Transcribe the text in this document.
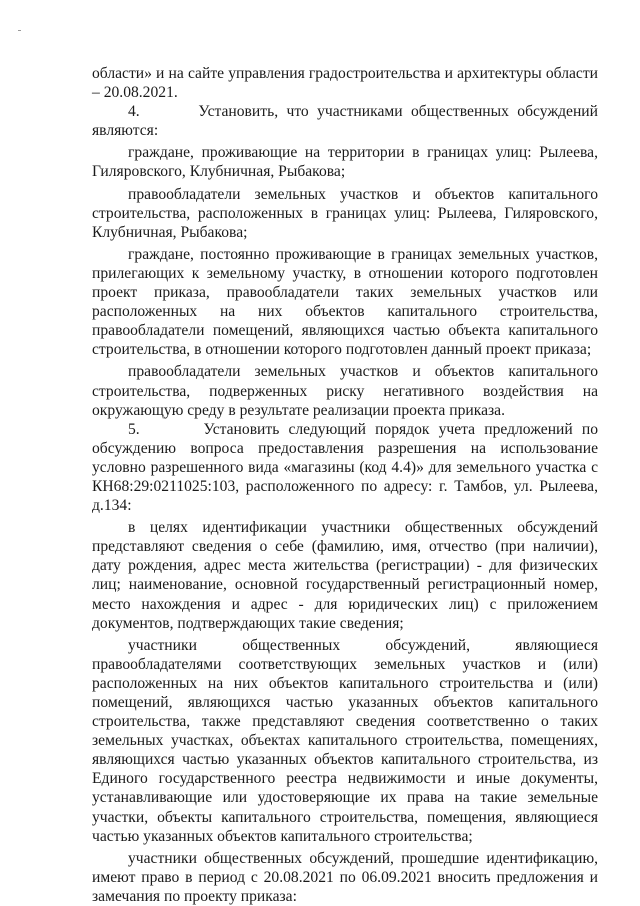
области» и на сайте управления градостроительства и архитектуры области – 20.08.2021.

4.       Установить, что участниками общественных обсуждений являются:

граждане, проживающие на территории в границах улиц: Рылеева, Гиляровского, Клубничная, Рыбакова;

правообладатели земельных участков и объектов капитального строительства, расположенных в границах улиц: Рылеева, Гиляровского, Клубничная, Рыбакова;

граждане, постоянно проживающие в границах земельных участков, прилегающих к земельному участку, в отношении которого подготовлен проект приказа, правообладатели таких земельных участков или расположенных на них объектов капитального строительства, правообладатели помещений, являющихся частью объекта капитального строительства, в отношении которого подготовлен данный проект приказа;

правообладатели земельных участков и объектов капитального строительства, подверженных риску негативного воздействия на окружающую среду в результате реализации проекта приказа.

5.       Установить следующий порядок учета предложений по обсуждению вопроса предоставления разрешения на использование условно разрешенного вида «магазины (код 4.4)» для земельного участка с КН68:29:0211025:103, расположенного по адресу: г. Тамбов, ул. Рылеева, д.134:

в целях идентификации участники общественных обсуждений представляют сведения о себе (фамилию, имя, отчество (при наличии), дату рождения, адрес места жительства (регистрации) - для физических лиц; наименование, основной государственный регистрационный номер, место нахождения и адрес - для юридических лиц) с приложением документов, подтверждающих такие сведения;

участники общественных обсуждений, являющиеся правообладателями соответствующих земельных участков и (или) расположенных на них объектов капитального строительства и (или) помещений, являющихся частью указанных объектов капитального строительства, также представляют сведения соответственно о таких земельных участках, объектах капитального строительства, помещениях, являющихся частью указанных объектов капитального строительства, из Единого государственного реестра недвижимости и иные документы, устанавливающие или удостоверяющие их права на такие земельные участки, объекты капитального строительства, помещения, являющиеся частью указанных объектов капитального строительства;

участники общественных обсуждений, прошедшие идентификацию, имеют право в период с 20.08.2021 по 06.09.2021 вносить предложения и замечания по проекту приказа:
